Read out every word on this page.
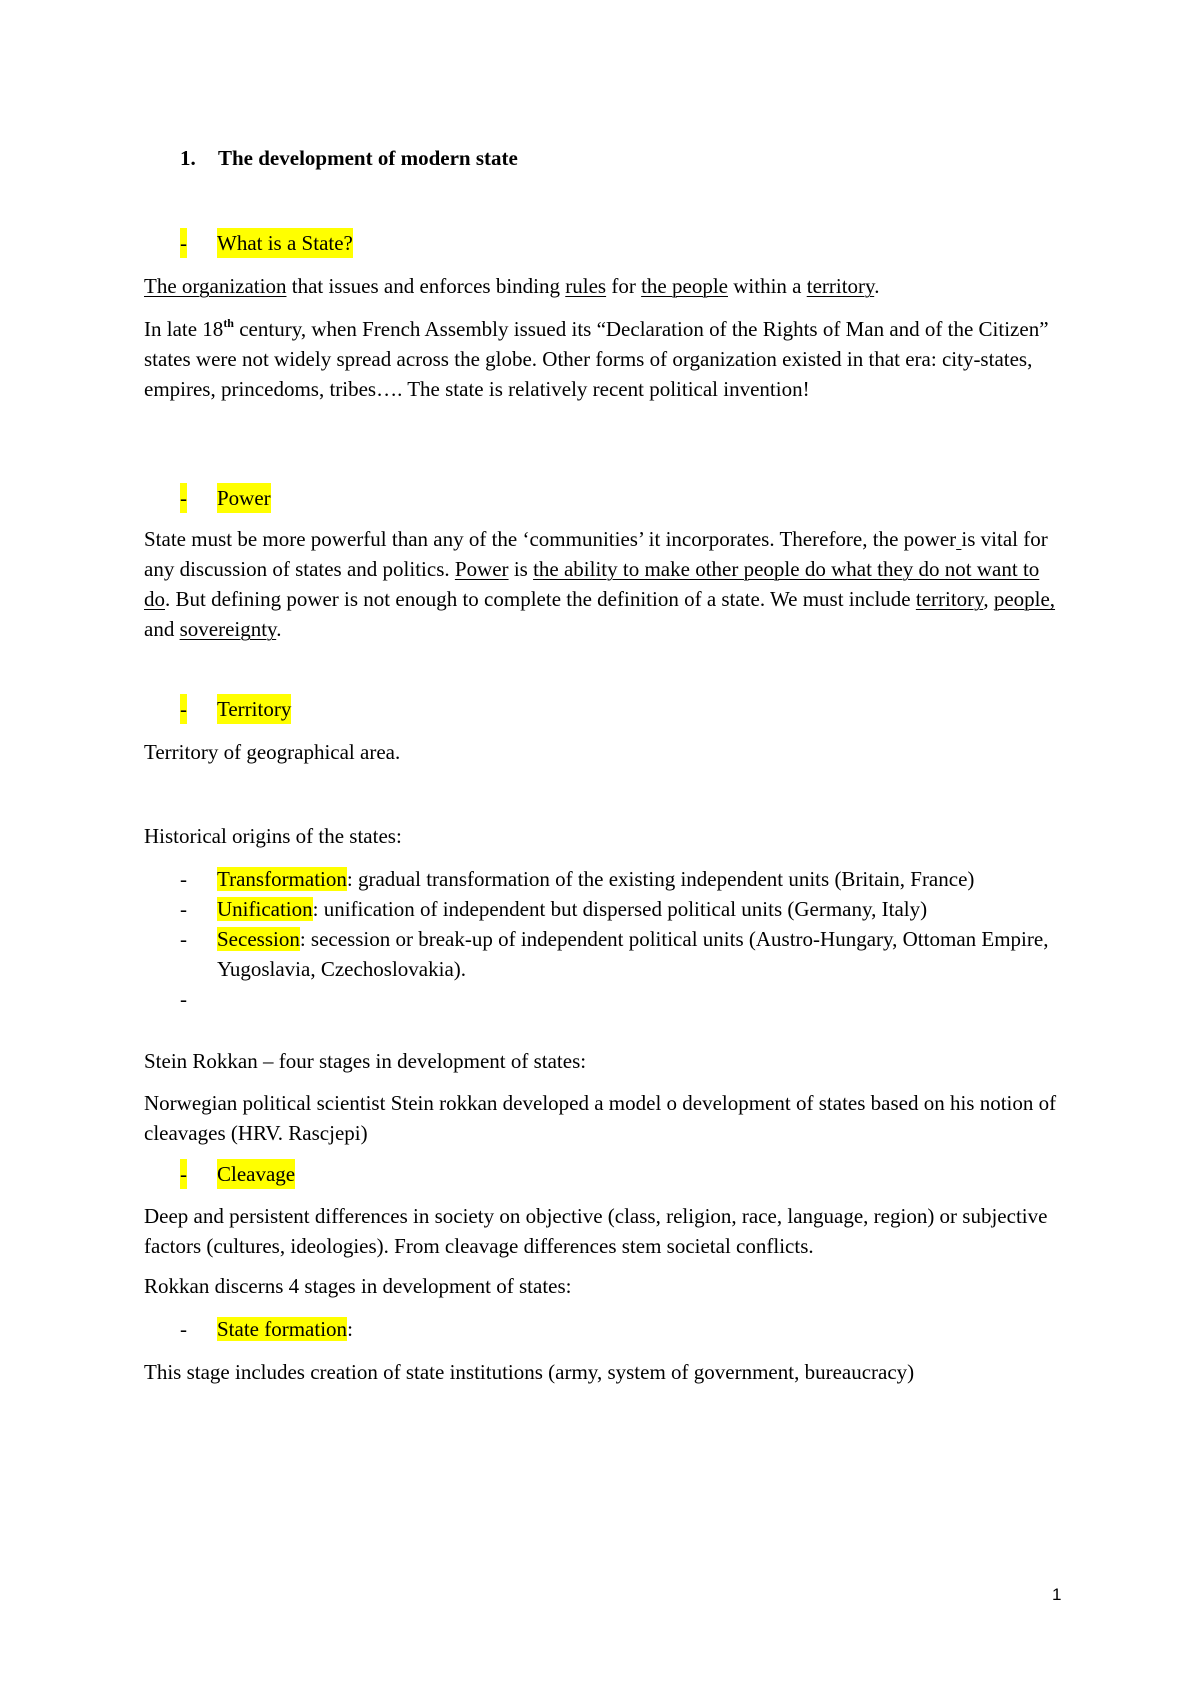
1. The development of modern state
- What is a State?

The organization that issues and enforces binding rules for the people within a territory.

In late 18th century, when French Assembly issued its “Declaration of the Rights of Man and of the Citizen” states were not widely spread across the globe. Other forms of organization existed in that era: city-states, empires, princedoms, tribes…. The state is relatively recent political invention!

- Power

State must be more powerful than any of the ‘communities’ it incorporates. Therefore, the power is vital for any discussion of states and politics. Power is the ability to make other people do what they do not want to do. But defining power is not enough to complete the definition of a state. We must include territory, people, and sovereignty.

- Territory

Territory of geographical area.

Historical origins of the states:

- Transformation: gradual transformation of the existing independent units (Britain, France)
- Unification: unification of independent but dispersed political units (Germany, Italy)
- Secession: secession or break-up of independent political units (Austro-Hungary, Ottoman Empire, Yugoslavia, Czechoslovakia).
-

Stein Rokkan – four stages in development of states:

Norwegian political scientist Stein rokkan developed a model o development of states based on his notion of cleavages (HRV. Rascjepi)

- Cleavage

Deep and persistent differences in society on objective (class, religion, race, language, region) or subjective factors (cultures, ideologies). From cleavage differences stem societal conflicts.

Rokkan discerns 4 stages in development of states:

- State formation:

This stage includes creation of state institutions (army, system of government, bureaucracy)

1
